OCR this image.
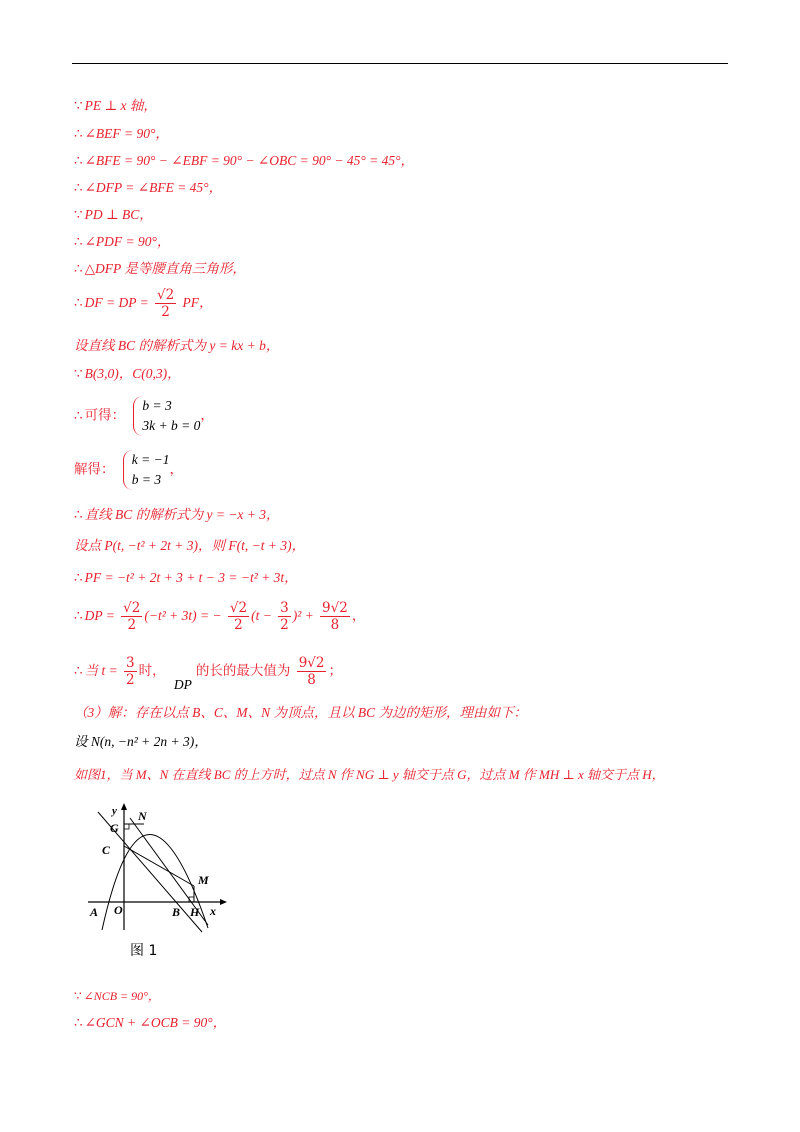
∵ PE ⊥ x 轴，
∴ ∠BEF = 90°，
∴ ∠BFE = 90° − ∠EBF = 90° − ∠OBC = 90° − 45° = 45°，
∴ ∠DFP = ∠BFE = 45°，
∵ PD ⊥ BC，
∴ ∠PDF = 90°，
∴ △DFP 是等腰直角三角形，
∴ DF = DP = $\frac{√2}{2}$ PF，
设直线 BC 的解析式为 y = kx + b，
∵ B(3,0)，C(0,3)，
∴ 可得：
b = 3
3k + b = 0
，
解得：
k = −1
b = 3
，
∴ 直线 BC 的解析式为 y = −x + 3，
设点 P(t, −t² + 2t + 3)，则 F(t, −t + 3)，
∴ PF = −t² + 2t + 3 + t − 3 = −t² + 3t，
∴ DP = $\frac{√2}{2} (-t^2 + 3t)$ = − $\frac{√2}{2} (t - \frac{3}{2} )^2 + \frac{9√2}{8}$ ，
∴ 当 $t = \frac{3}{2}$ 时， DP的长的最大值为 $\frac{9√2}{8}$ ；
（3）解：存在以点 B、C、M、N 为顶点，且以 BC 为边的矩形，理由如下：
设 N(n, −n² + 2n + 3)，
如图1，当 M、N 在直线 BC 的上方时，过点 N 作 NG ⊥ y 轴交于点 G，过点 M 作 MH ⊥ x 轴交于点 H，
y
G
N
C
M
A O	B H x
图 1
∵ ∠NCB = 90°，
∴ ∠GCN + ∠OCB = 90°，
